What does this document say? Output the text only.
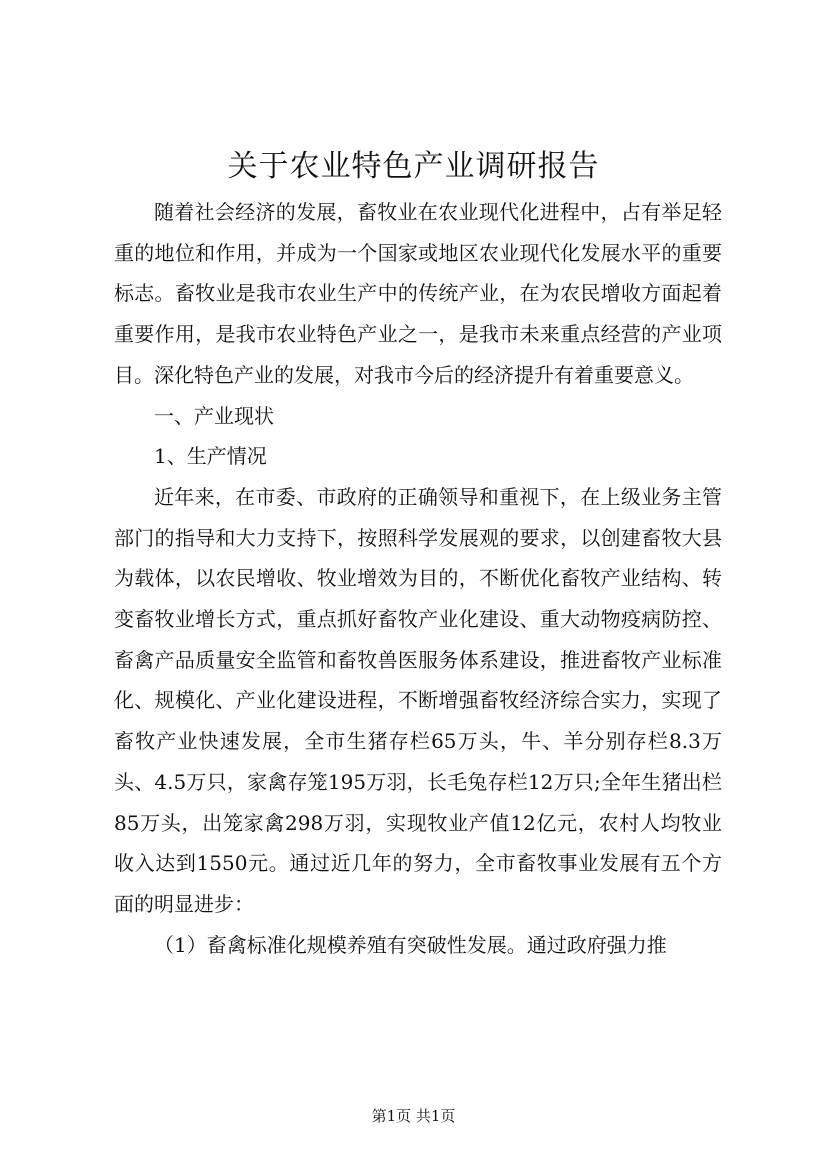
关于农业特色产业调研报告

随着社会经济的发展，畜牧业在农业现代化进程中，占有举足轻重的地位和作用，并成为一个国家或地区农业现代化发展水平的重要标志。畜牧业是我市农业生产中的传统产业，在为农民增收方面起着重要作用，是我市农业特色产业之一，是我市未来重点经营的产业项目。深化特色产业的发展，对我市今后的经济提升有着重要意义。

一、产业现状

1、生产情况

近年来，在市委、市政府的正确领导和重视下，在上级业务主管部门的指导和大力支持下，按照科学发展观的要求，以创建畜牧大县为载体，以农民增收、牧业增效为目的，不断优化畜牧产业结构、转变畜牧业增长方式，重点抓好畜牧产业化建设、重大动物疫病防控、畜禽产品质量安全监管和畜牧兽医服务体系建设，推进畜牧产业标准化、规模化、产业化建设进程，不断增强畜牧经济综合实力，实现了畜牧产业快速发展，全市生猪存栏65万头，牛、羊分别存栏8.3万头、4.5万只，家禽存笼195万羽，长毛兔存栏12万只;全年生猪出栏85万头，出笼家禽298万羽，实现牧业产值12亿元，农村人均牧业收入达到1550元。通过近几年的努力，全市畜牧事业发展有五个方面的明显进步：

（1）畜禽标准化规模养殖有突破性发展。通过政府强力推

第1页 共1页
